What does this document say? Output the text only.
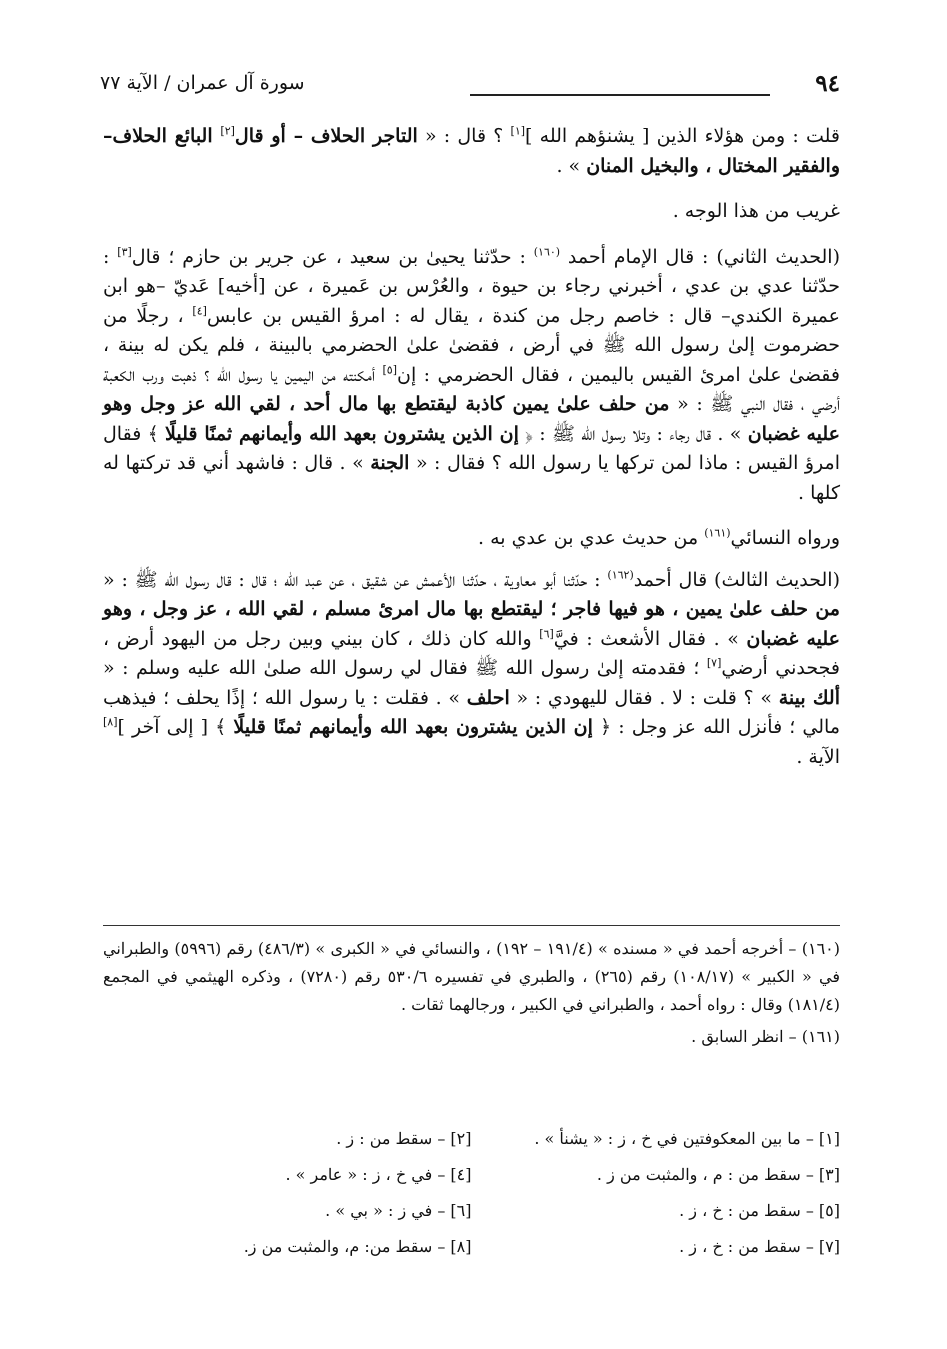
٩٤
سورة آل عمران / الآية ٧٧

قلت : ومن هؤلاء الذين [ يشنؤهم الله ][١] ؟ قال : « التاجر الحلاف – أو قال[٢] البائع الحلاف– والفقير المختال ، والبخيل المنان » .

غريب من هذا الوجه .

(الحديث الثاني) : قال الإمام أحمد $^{(١٦٠)}$ : حدّثنا يحيىٰ بن سعيد ، عن جرير بن حازم ؛ قال[٣] : حدّثنا عدي بن عدي ، أخبرني رجاء بن حيوة ، والعُرْس بن عَميرة ، عن [أخيه] عَديّ –هو ابن عميرة الكندي– قال : خاصم رجل من كندة ، يقال له : امرؤ القيس بن عابس[٤] ، رجلًا من حضرموت إلىٰ رسول الله ﷺ في أرض ، فقضىٰ علىٰ الحضرمي بالبينة ، فلم يكن له بينة ، فقضىٰ علىٰ امرئ القيس باليمين ، فقال الحضرمي : إن[٥] أمكنته من اليمين يا رسول الله ؟ ذهبت ورب الكعبة أرضي ، فقال النبي ﷺ : « من حلف علىٰ يمين كاذبة ليقتطع بها مال أحد ، لقي الله عز وجل وهو عليه غضبان » . قال رجاء : وتلا رسول الله ﷺ : ﴿ إن الذين يشترون بعهد الله وأيمانهم ثمنًا قليلًا ﴾ فقال امرؤ القيس : ماذا لمن تركها يا رسول الله ؟ فقال : « الجنة » . قال : فاشهد أني قد تركتها له كلها .

ورواه النسائي$^{(١٦١)}$ من حديث عدي بن عدي به .

(الحديث الثالث) قال أحمد$^{(١٦٢)}$ : حدّثنا أبو معاوية ، حدّثنا الأعمش عن شقيق ، عن عبد الله ؛ قال : قال رسول الله ﷺ : « من حلف علىٰ يمين ، هو فيها فاجر ؛ ليقتطع بها مال امرئ مسلم ، لقي الله ، عز وجل ، وهو عليه غضبان » . فقال الأشعث : فيَّ[٦] والله كان ذلك ، كان بيني وبين رجل من اليهود أرض ، فجحدني أرضي[٧] ؛ فقدمته إلىٰ رسول الله ﷺ فقال لي رسول الله صلىٰ الله عليه وسلم : « ألك بينة » ؟ قلت : لا . فقال لليهودي : « احلف » . فقلت : يا رسول الله ؛ إذًا يحلف ؛ فيذهب مالي ؛ فأنزل الله عز وجل : ﴿ إن الذين يشترون بعهد الله وأيمانهم ثمنًا قليلًا ﴾ [ إلى آخر ][٨] الآية .

(١٦٠) – أخرجه أحمد في « مسنده » (١٩١/٤ – ١٩٢) ، والنسائي في « الكبرى » (٤٨٦/٣) رقم (٥٩٩٦) والطبراني في « الكبير » (١٠٨/١٧) رقم (٢٦٥) ، والطبري في تفسيره ٥٣٠/٦ رقم (٧٢٨٠) ، وذكره الهيثمي في المجمع (١٨١/٤) وقال : رواه أحمد ، والطبراني في الكبير ، ورجالهما ثقات .

(١٦١) – انظر السابق .

[١] – ما بين المعكوفتين في خ ، ز : « يشنأ » .
[٢] – سقط من : ز .
[٣] – سقط من : م ، والمثبت من ز .
[٤] – في خ ، ز : « عامر » .
[٥] – سقط من : خ ، ز .
[٦] – في ز : « بي » .
[٧] – سقط من : خ ، ز .
[٨] – سقط من: م، والمثبت من ز.
